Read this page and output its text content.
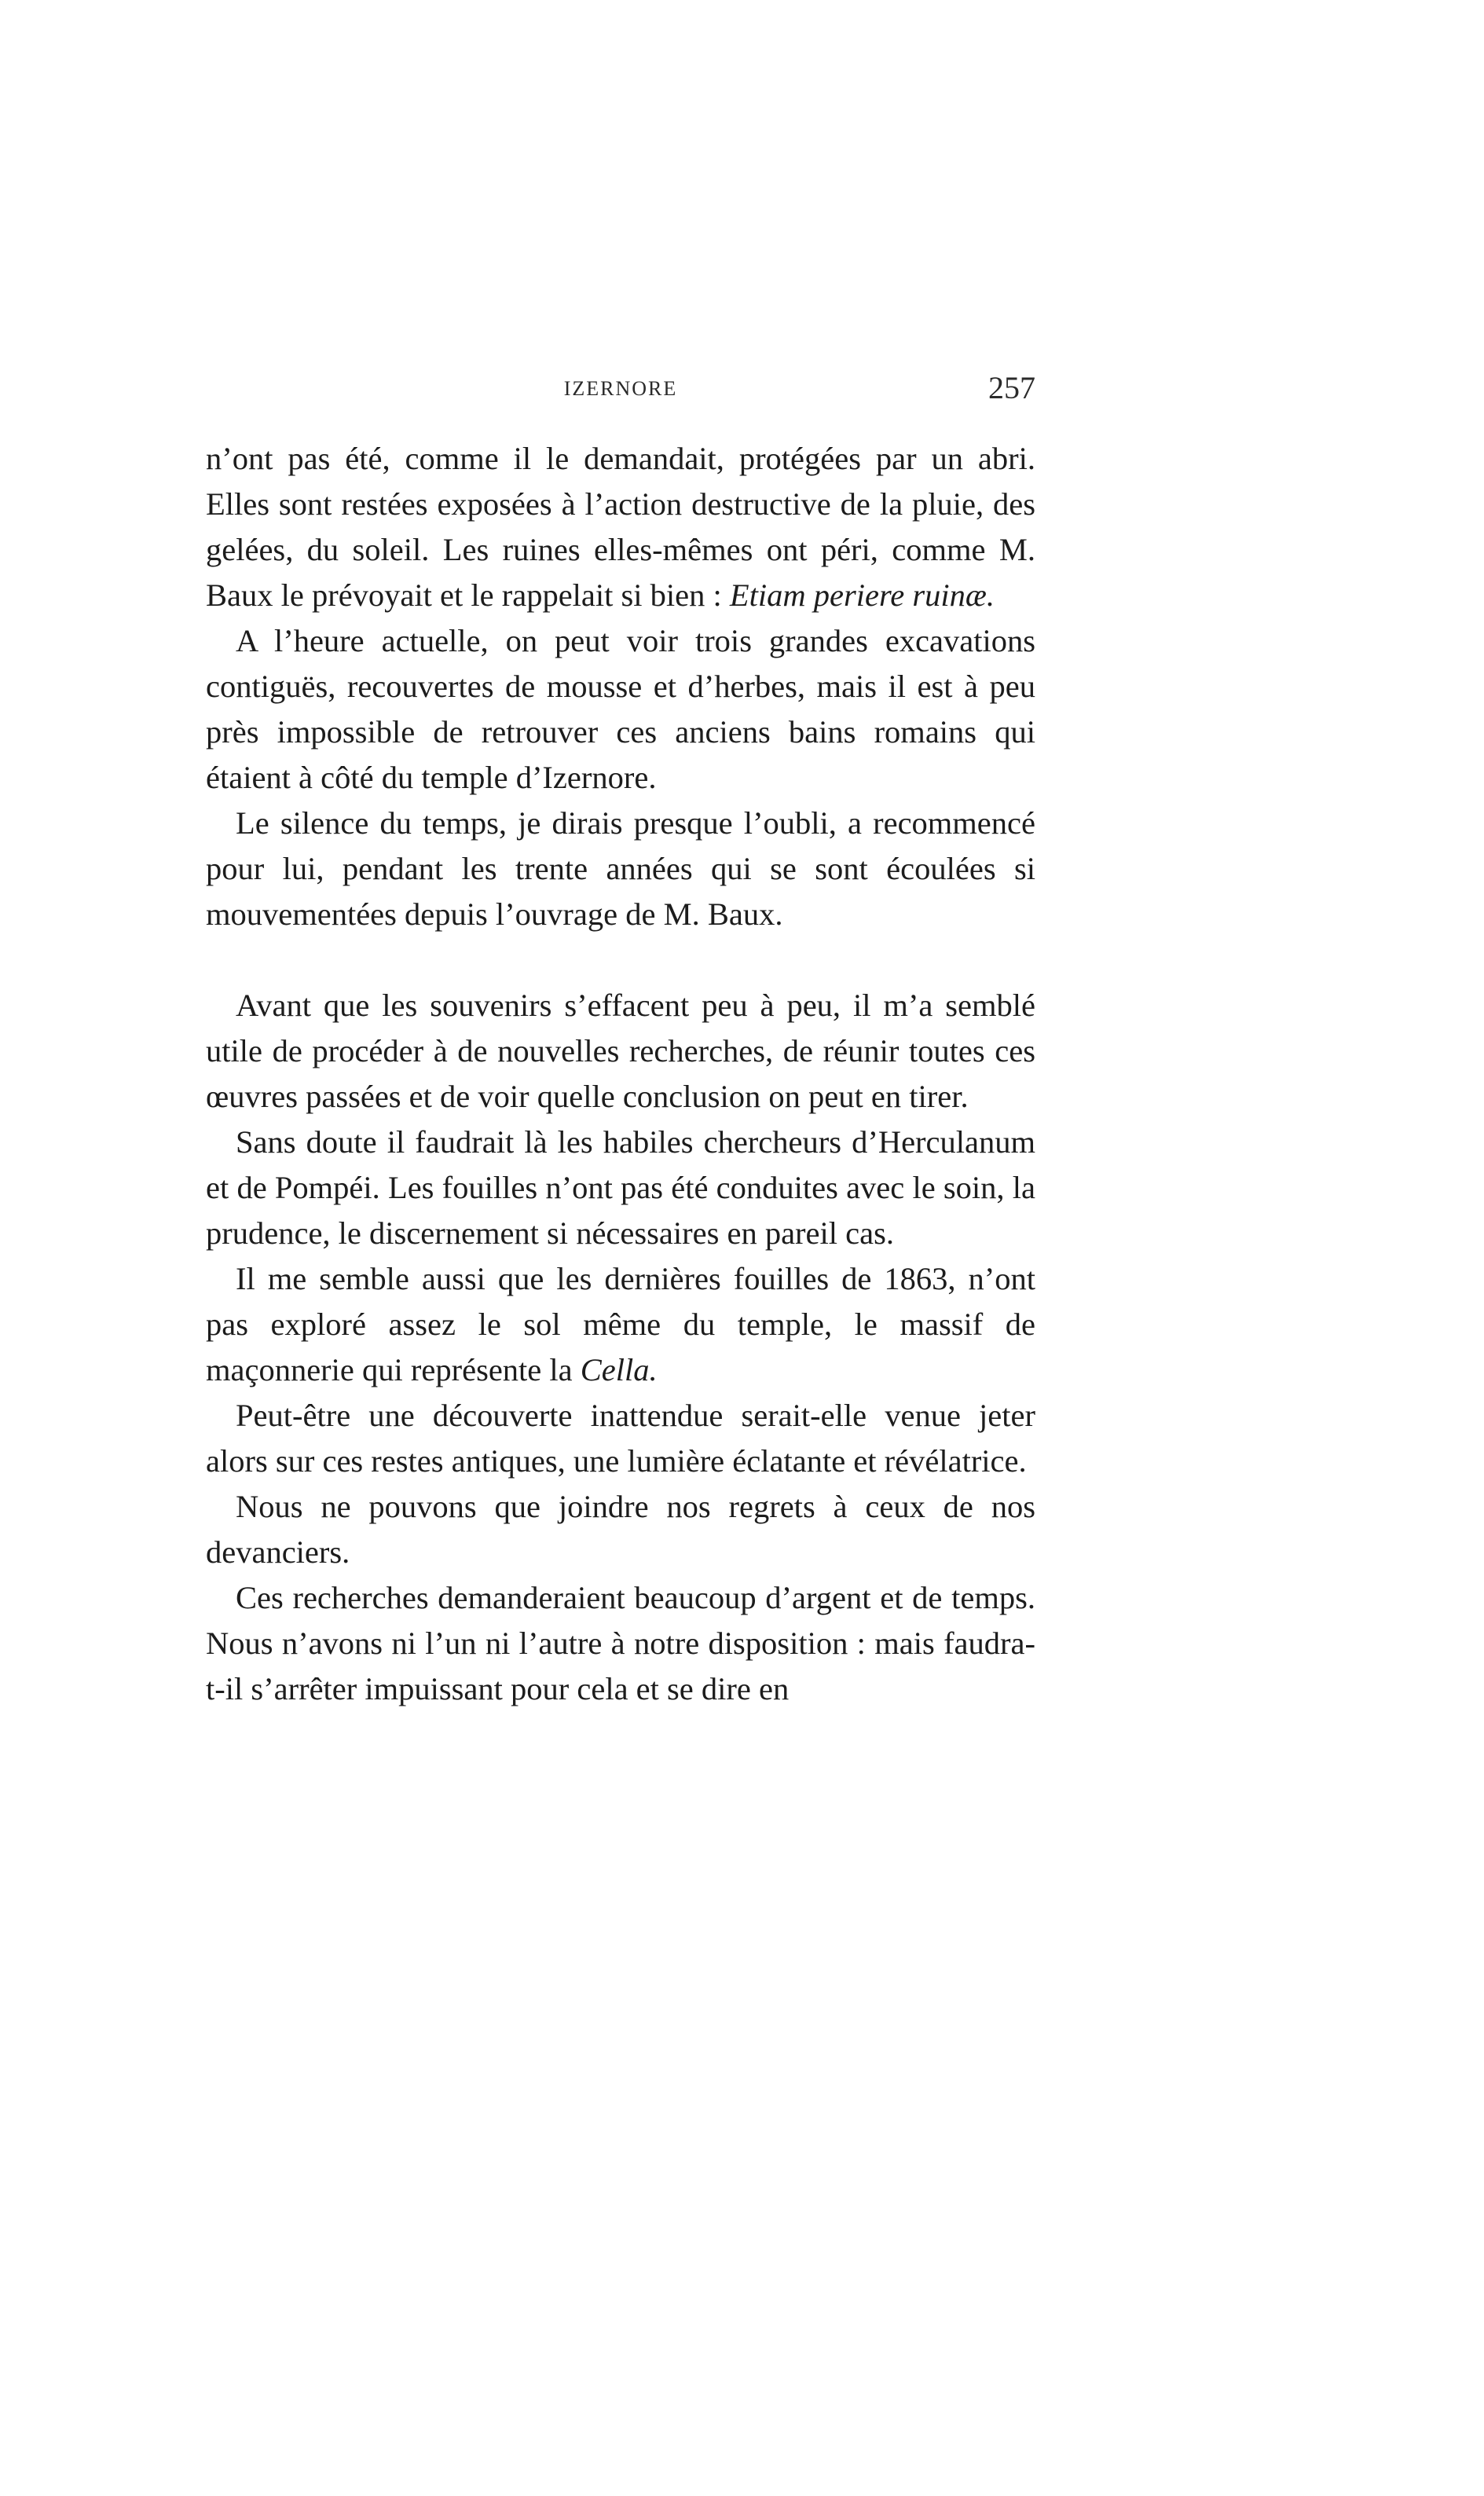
IZERNORE	257

n’ont pas été, comme il le demandait, protégées par un abri. Elles sont restées exposées à l’action destructive de la pluie, des gelées, du soleil. Les ruines elles-mêmes ont péri, comme M. Baux le prévoyait et le rappelait si bien : Etiam periere ruinæ.

A l’heure actuelle, on peut voir trois grandes excavations contiguës, recouvertes de mousse et d’herbes, mais il est à peu près impossible de retrouver ces anciens bains romains qui étaient à côté du temple d’Izernore.

Le silence du temps, je dirais presque l’oubli, a recommencé pour lui, pendant les trente années qui se sont écoulées si mouvementées depuis l’ouvrage de M. Baux.

Avant que les souvenirs s’effacent peu à peu, il m’a semblé utile de procéder à de nouvelles recherches, de réunir toutes ces œuvres passées et de voir quelle conclusion on peut en tirer.

Sans doute il faudrait là les habiles chercheurs d’Herculanum et de Pompéi. Les fouilles n’ont pas été conduites avec le soin, la prudence, le discernement si nécessaires en pareil cas.

Il me semble aussi que les dernières fouilles de 1863, n’ont pas exploré assez le sol même du temple, le massif de maçonnerie qui représente la Cella.

Peut-être une découverte inattendue serait-elle venue jeter alors sur ces restes antiques, une lumière éclatante et révélatrice.

Nous ne pouvons que joindre nos regrets à ceux de nos devanciers.

Ces recherches demanderaient beaucoup d’argent et de temps. Nous n’avons ni l’un ni l’autre à notre disposition : mais faudra-t-il s’arrêter impuissant pour cela et se dire en
